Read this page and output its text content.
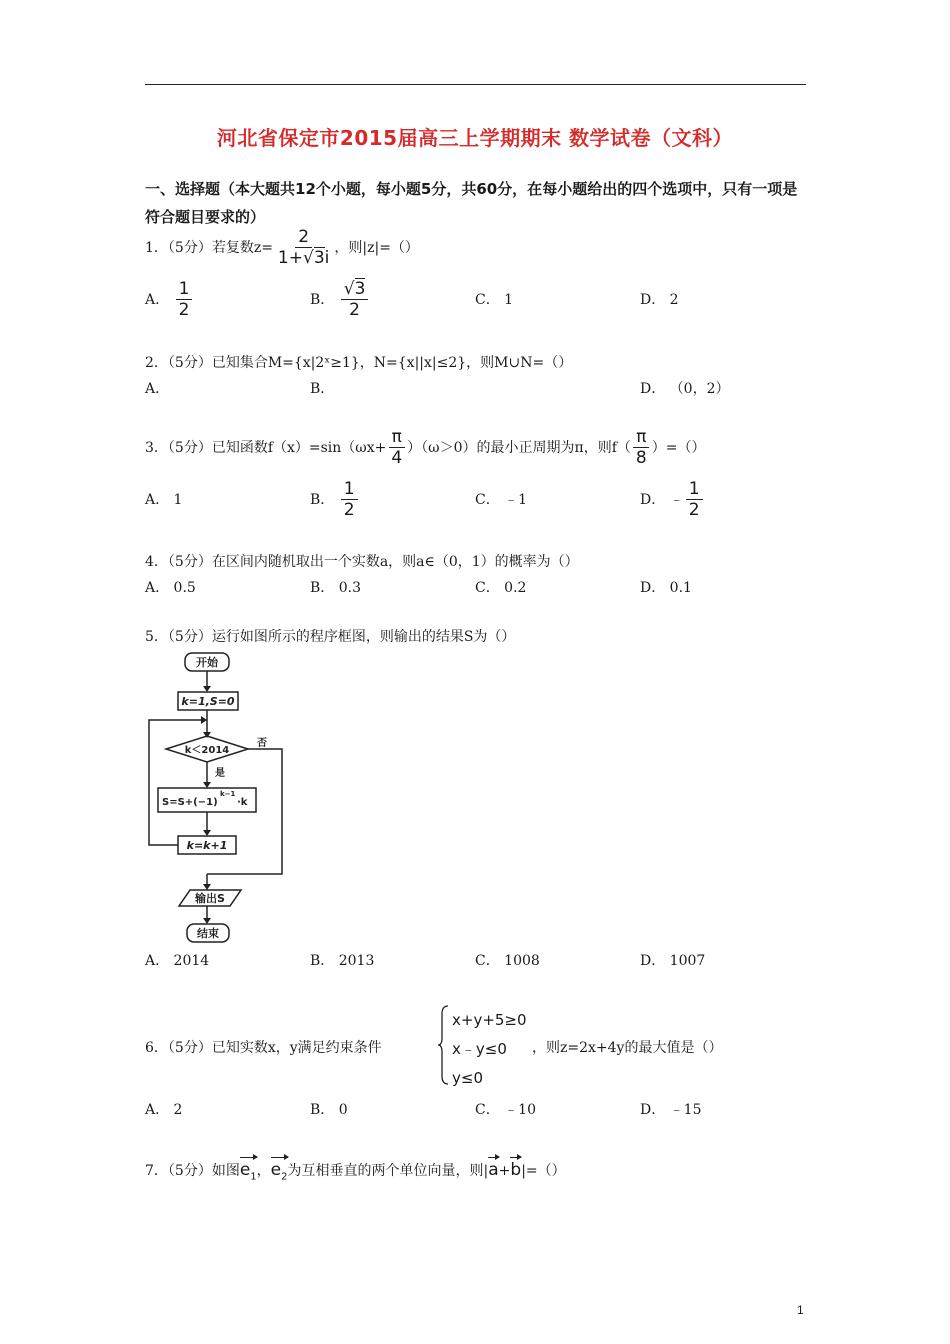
河北省保定市2015届高三上学期期末 数学试卷（文科）
一、选择题（本大题共12个小题，每小题5分，共60分，在每小题给出的四个选项中，只有一项是符合题目要求的）
1．（5分）若复数$z= \frac{2}{1+√3i}$ ，则|z|=（）
A． $\frac{1}{2}$	B． $\frac{√3}{2}$	C． 1	D． 2
2．（5分）已知集合M={x|2ˣ≥1}，N={x||x|≤2}，则M∪N=（）
A．	B．	D． （0，2）
3．（5分）已知函数$f(x)=\sin(\omega x+ \frac{\pi}{4} )(\omega>0)$的最小正周期为π，则$f( \frac{\pi}{8}$ ）=（）
A． 1	B． $\frac{1}{2}$	C． ﹣1	D． ﹣ $\frac{1}{2}$
4．（5分）在区间内随机取出一个实数a，则a∈（0，1）的概率为（）
A． 0.5	B． 0.3	C． 0.2	D． 0.1
5．（5分）运行如图所示的程序框图，则输出的结果S为（）
开始
k=1,S=0
k＜2014
否
是
S=S+(−1)
k−1
·k
k=k+1
输出S
结束
A． 2014	B． 2013	C． 1008	D． 1007
6．（5分）已知实数x，y满足约束条件
x+y+5≥0
x﹣y≤0
y≤0
，则z=2x+4y的最大值是（）
A． 2	B． 0	C． ﹣10	D． ﹣15
7．（5分）如图$e_1$，$e_2$为互相垂直的两个单位向量，则|a+b|=（）
1
